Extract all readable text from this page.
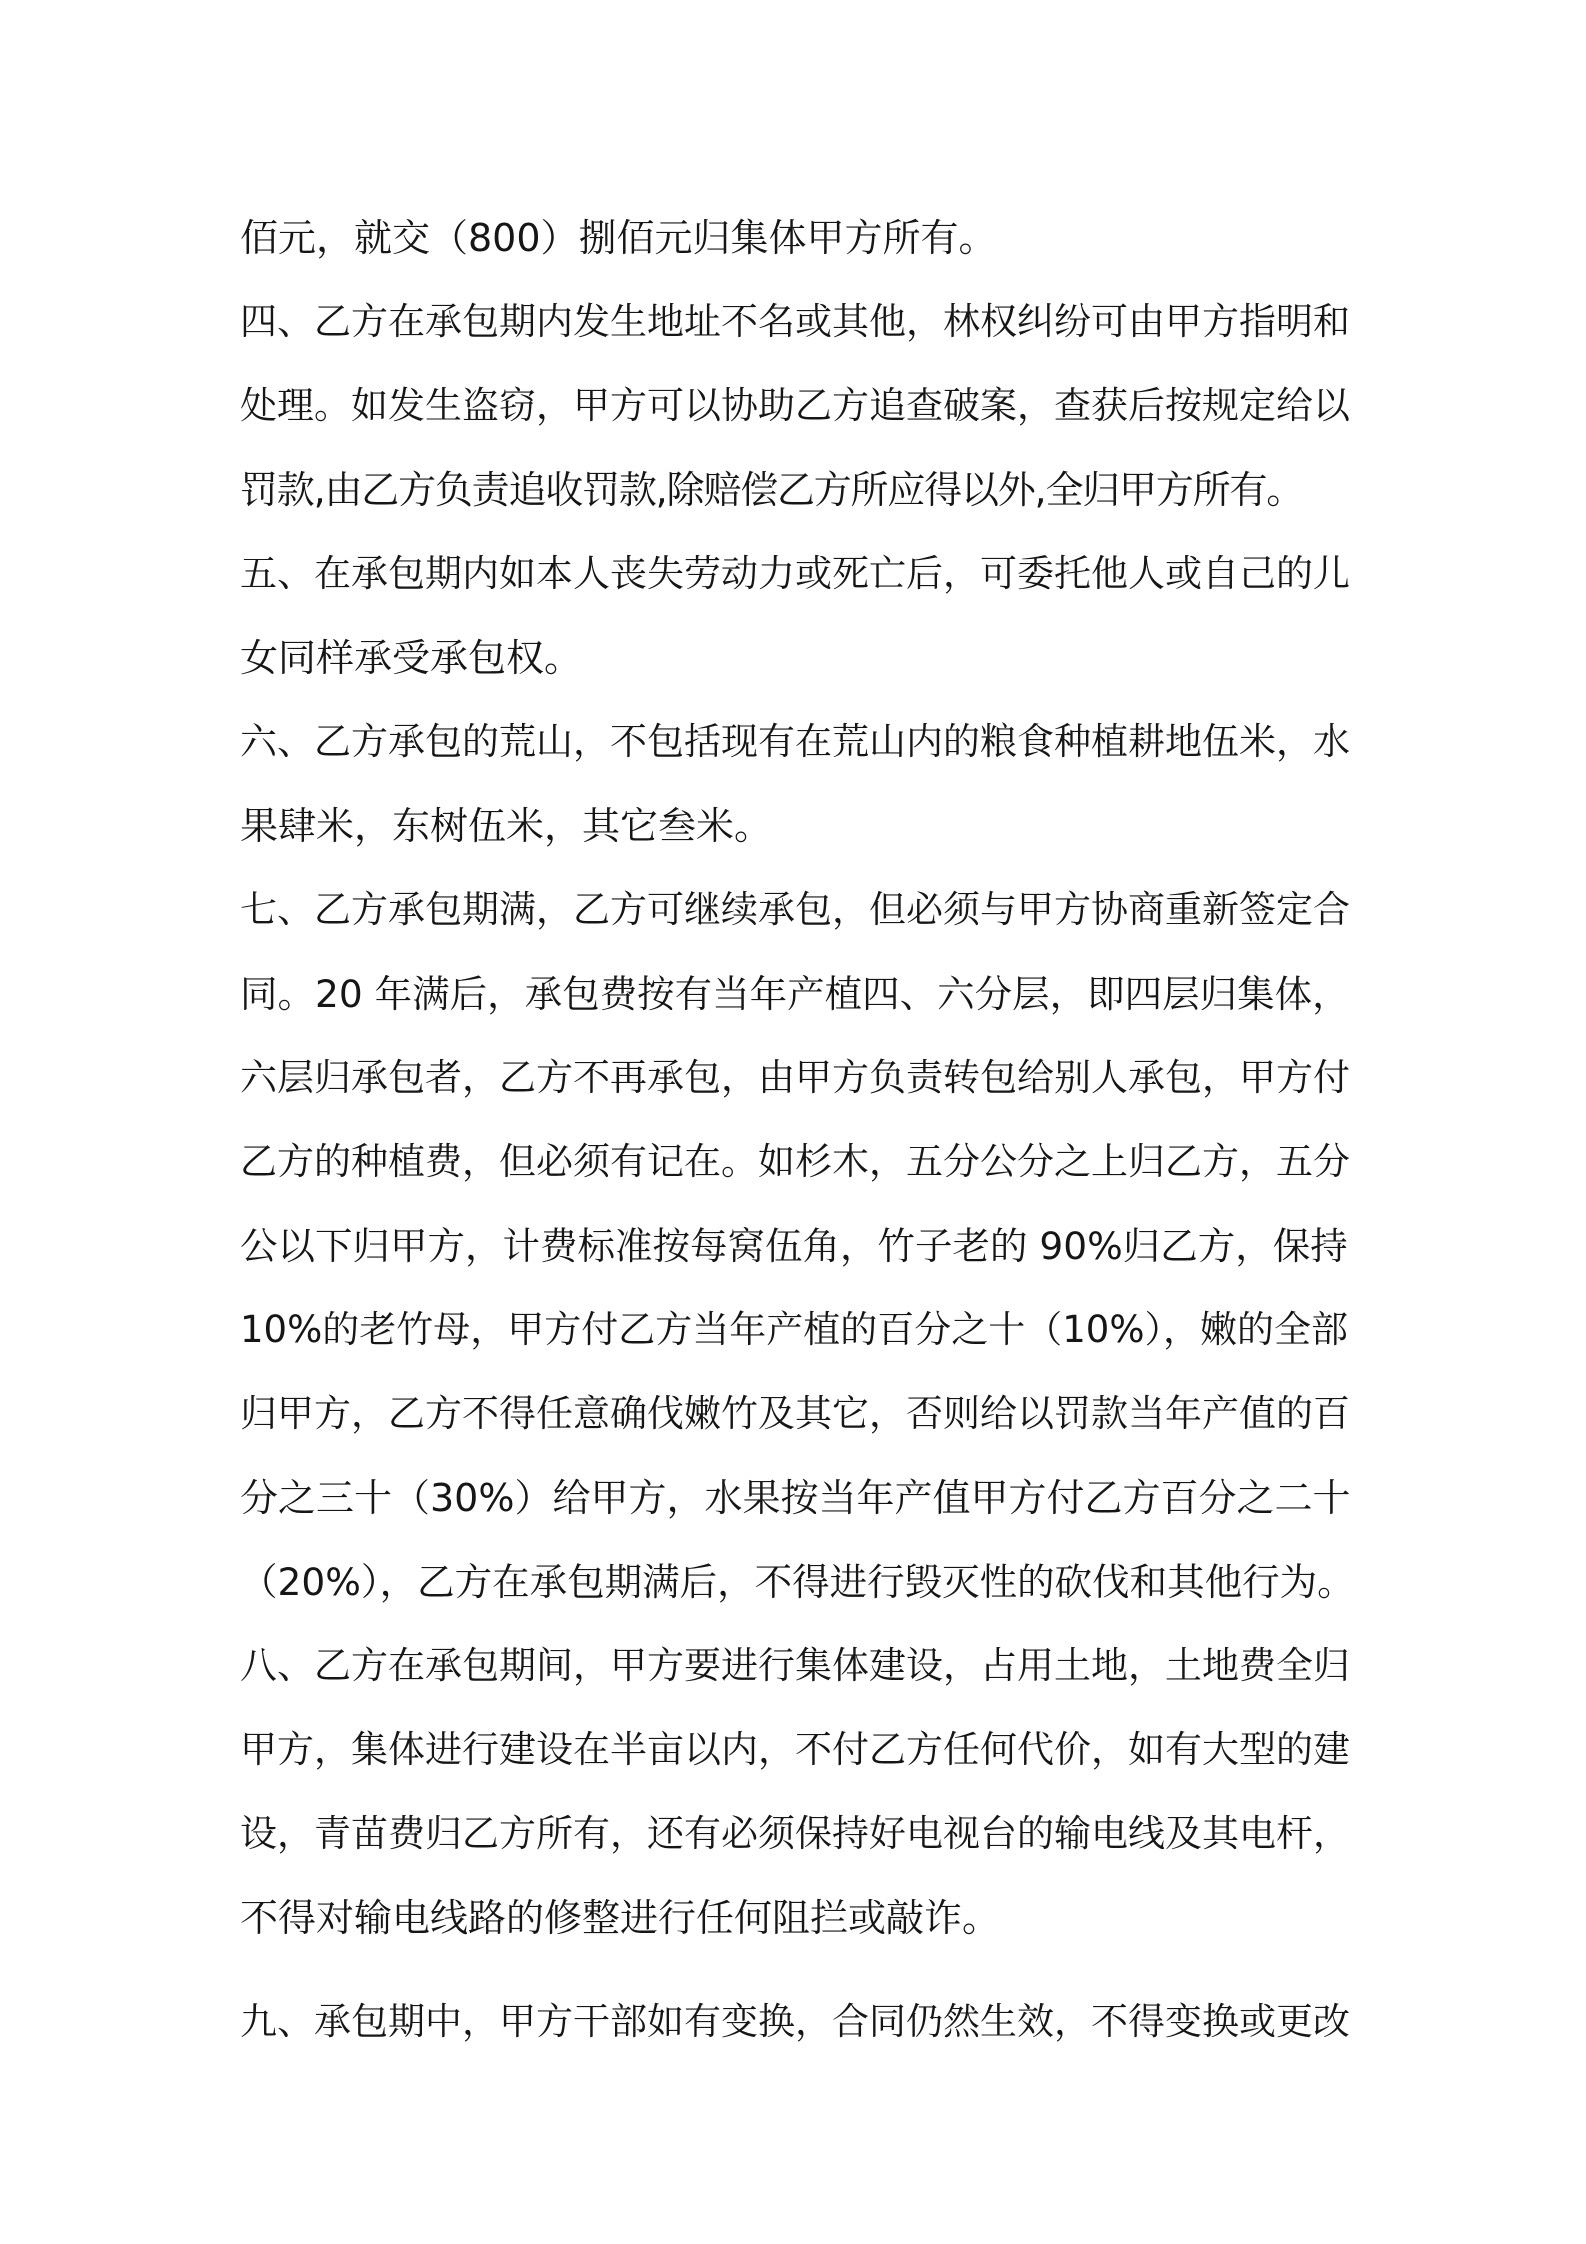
佰元，就交（800）捌佰元归集体甲方所有。
四、乙方在承包期内发生地址不名或其他，林权纠纷可由甲方指明和
处理。如发生盗窃，甲方可以协助乙方追查破案，查获后按规定给以
罚款,由乙方负责追收罚款,除赔偿乙方所应得以外,全归甲方所有。
五、在承包期内如本人丧失劳动力或死亡后，可委托他人或自己的儿
女同样承受承包权。
六、乙方承包的荒山，不包括现有在荒山内的粮食种植耕地伍米，水
果肆米，东树伍米，其它叁米。
七、乙方承包期满，乙方可继续承包，但必须与甲方协商重新签定合
同。20 年满后，承包费按有当年产植四、六分层，即四层归集体，
六层归承包者，乙方不再承包，由甲方负责转包给别人承包，甲方付
乙方的种植费，但必须有记在。如杉木，五分公分之上归乙方，五分
公以下归甲方，计费标准按每窝伍角，竹子老的 90%归乙方，保持
10%的老竹母，甲方付乙方当年产植的百分之十（10%），嫩的全部
归甲方，乙方不得任意确伐嫩竹及其它，否则给以罚款当年产值的百
分之三十（30%）给甲方，水果按当年产值甲方付乙方百分之二十
（20%），乙方在承包期满后，不得进行毁灭性的砍伐和其他行为。
八、乙方在承包期间，甲方要进行集体建设，占用土地，土地费全归
甲方，集体进行建设在半亩以内，不付乙方任何代价，如有大型的建
设，青苗费归乙方所有，还有必须保持好电视台的输电线及其电杆，
不得对输电线路的修整进行任何阻拦或敲诈。
九、承包期中，甲方干部如有变换，合同仍然生效，不得变换或更改
